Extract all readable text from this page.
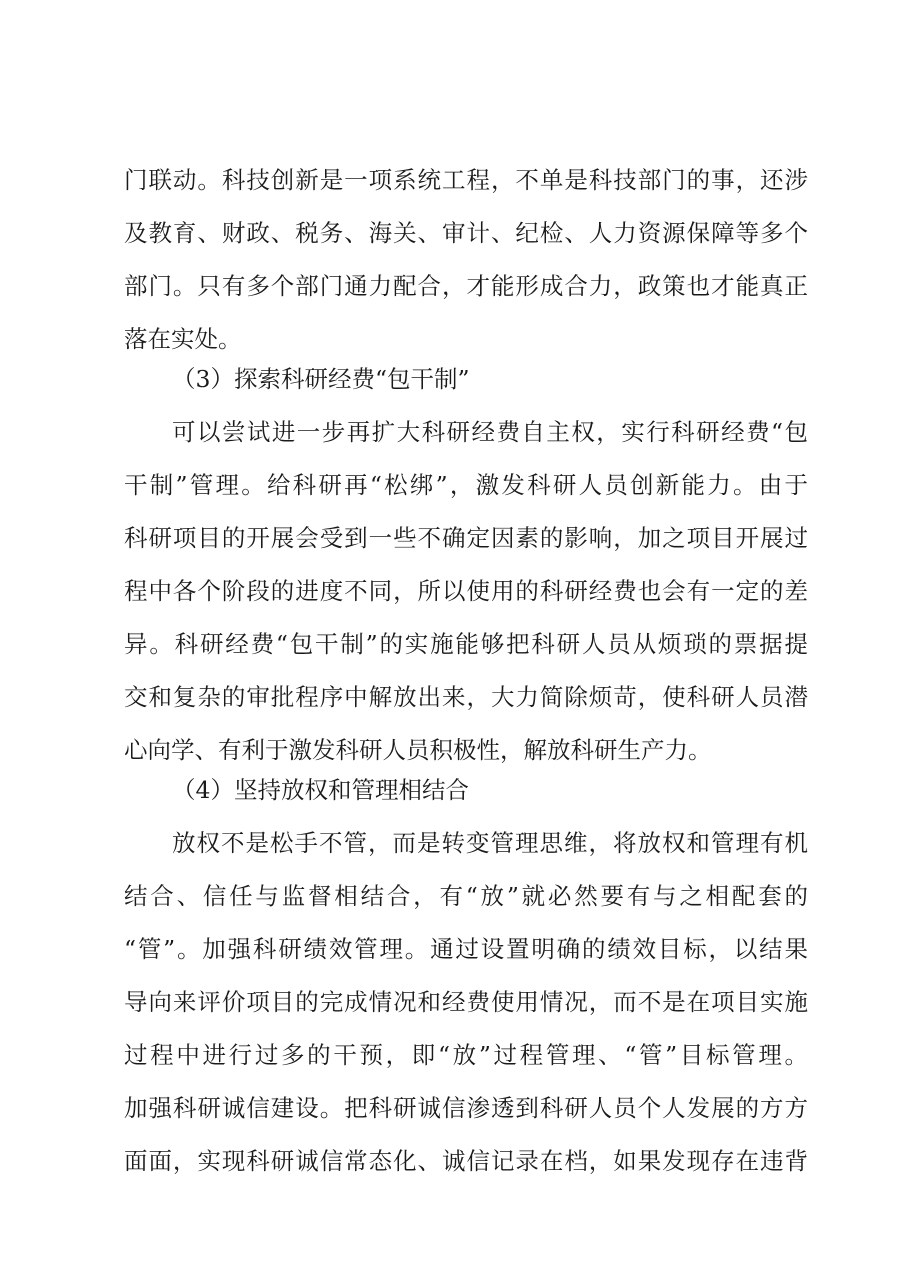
门联动。科技创新是一项系统工程，不单是科技部门的事，还涉

及教育、财政、税务、海关、审计、纪检、人力资源保障等多个

部门。只有多个部门通力配合，才能形成合力，政策也才能真正

落在实处。

（3）探索科研经费“包干制”

可以尝试进一步再扩大科研经费自主权，实行科研经费“包

干制”管理。给科研再“松绑”，激发科研人员创新能力。由于

科研项目的开展会受到一些不确定因素的影响，加之项目开展过

程中各个阶段的进度不同，所以使用的科研经费也会有一定的差

异。科研经费“包干制”的实施能够把科研人员从烦琐的票据提

交和复杂的审批程序中解放出来，大力简除烦苛，使科研人员潜

心向学、有利于激发科研人员积极性，解放科研生产力。

（4）坚持放权和管理相结合

放权不是松手不管，而是转变管理思维，将放权和管理有机

结合、信任与监督相结合，有“放”就必然要有与之相配套的

“管”。加强科研绩效管理。通过设置明确的绩效目标，以结果

导向来评价项目的完成情况和经费使用情况，而不是在项目实施

过程中进行过多的干预，即“放”过程管理、“管”目标管理。

加强科研诚信建设。把科研诚信渗透到科研人员个人发展的方方

面面，实现科研诚信常态化、诚信记录在档，如果发现存在违背
